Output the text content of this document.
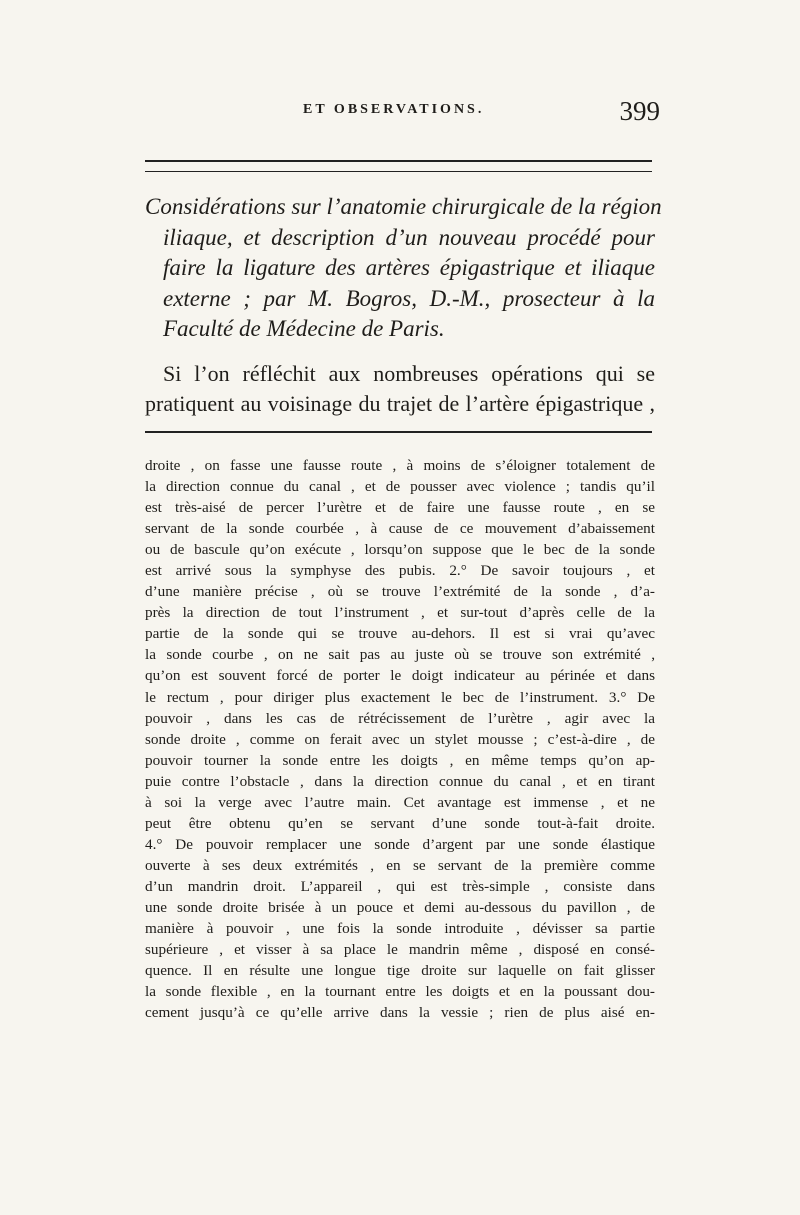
ET OBSERVATIONS.	399
Considérations sur l’anatomie chirurgicale de la région
iliaque, et description d’un nouveau procédé pour
faire la ligature des artères épigastrique et iliaque
externe ; par M. Bogros, D.-M., prosecteur à la
Faculté de Médecine de Paris.
Si l’on réfléchit aux nombreuses opérations qui se
pratiquent au voisinage du trajet de l’artère épigastrique ,
droite , on fasse une fausse route , à moins de s’éloigner totalement de
la direction connue du canal , et de pousser avec violence ; tandis qu’il
est très-aisé de percer l’urètre et de faire une fausse route , en se
servant de la sonde courbée , à cause de ce mouvement d’abaissement
ou de bascule qu’on exécute , lorsqu’on suppose que le bec de la sonde
est arrivé sous la symphyse des pubis. 2.° De savoir toujours , et
d’une manière précise , où se trouve l’extrémité de la sonde , d’a-
près la direction de tout l’instrument , et sur-tout d’après celle de la
partie de la sonde qui se trouve au-dehors. Il est si vrai qu’avec
la sonde courbe , on ne sait pas au juste où se trouve son extrémité ,
qu’on est souvent forcé de porter le doigt indicateur au périnée et dans
le rectum , pour diriger plus exactement le bec de l’instrument. 3.° De
pouvoir , dans les cas de rétrécissement de l’urètre , agir avec la
sonde droite , comme on ferait avec un stylet mousse ; c’est-à-dire , de
pouvoir tourner la sonde entre les doigts , en même temps qu’on ap-
puie contre l’obstacle , dans la direction connue du canal , et en tirant
à soi la verge avec l’autre main. Cet avantage est immense , et ne
peut être obtenu qu’en se servant d’une sonde tout-à-fait droite.
4.° De pouvoir remplacer une sonde d’argent par une sonde élastique
ouverte à ses deux extrémités , en se servant de la première comme
d’un mandrin droit. L’appareil , qui est très-simple , consiste dans
une sonde droite brisée à un pouce et demi au-dessous du pavillon , de
manière à pouvoir , une fois la sonde introduite , dévisser sa partie
supérieure , et visser à sa place le mandrin même , disposé en consé-
quence. Il en résulte une longue tige droite sur laquelle on fait glisser
la sonde flexible , en la tournant entre les doigts et en la poussant dou-
cement jusqu’à ce qu’elle arrive dans la vessie ; rien de plus aisé en-
